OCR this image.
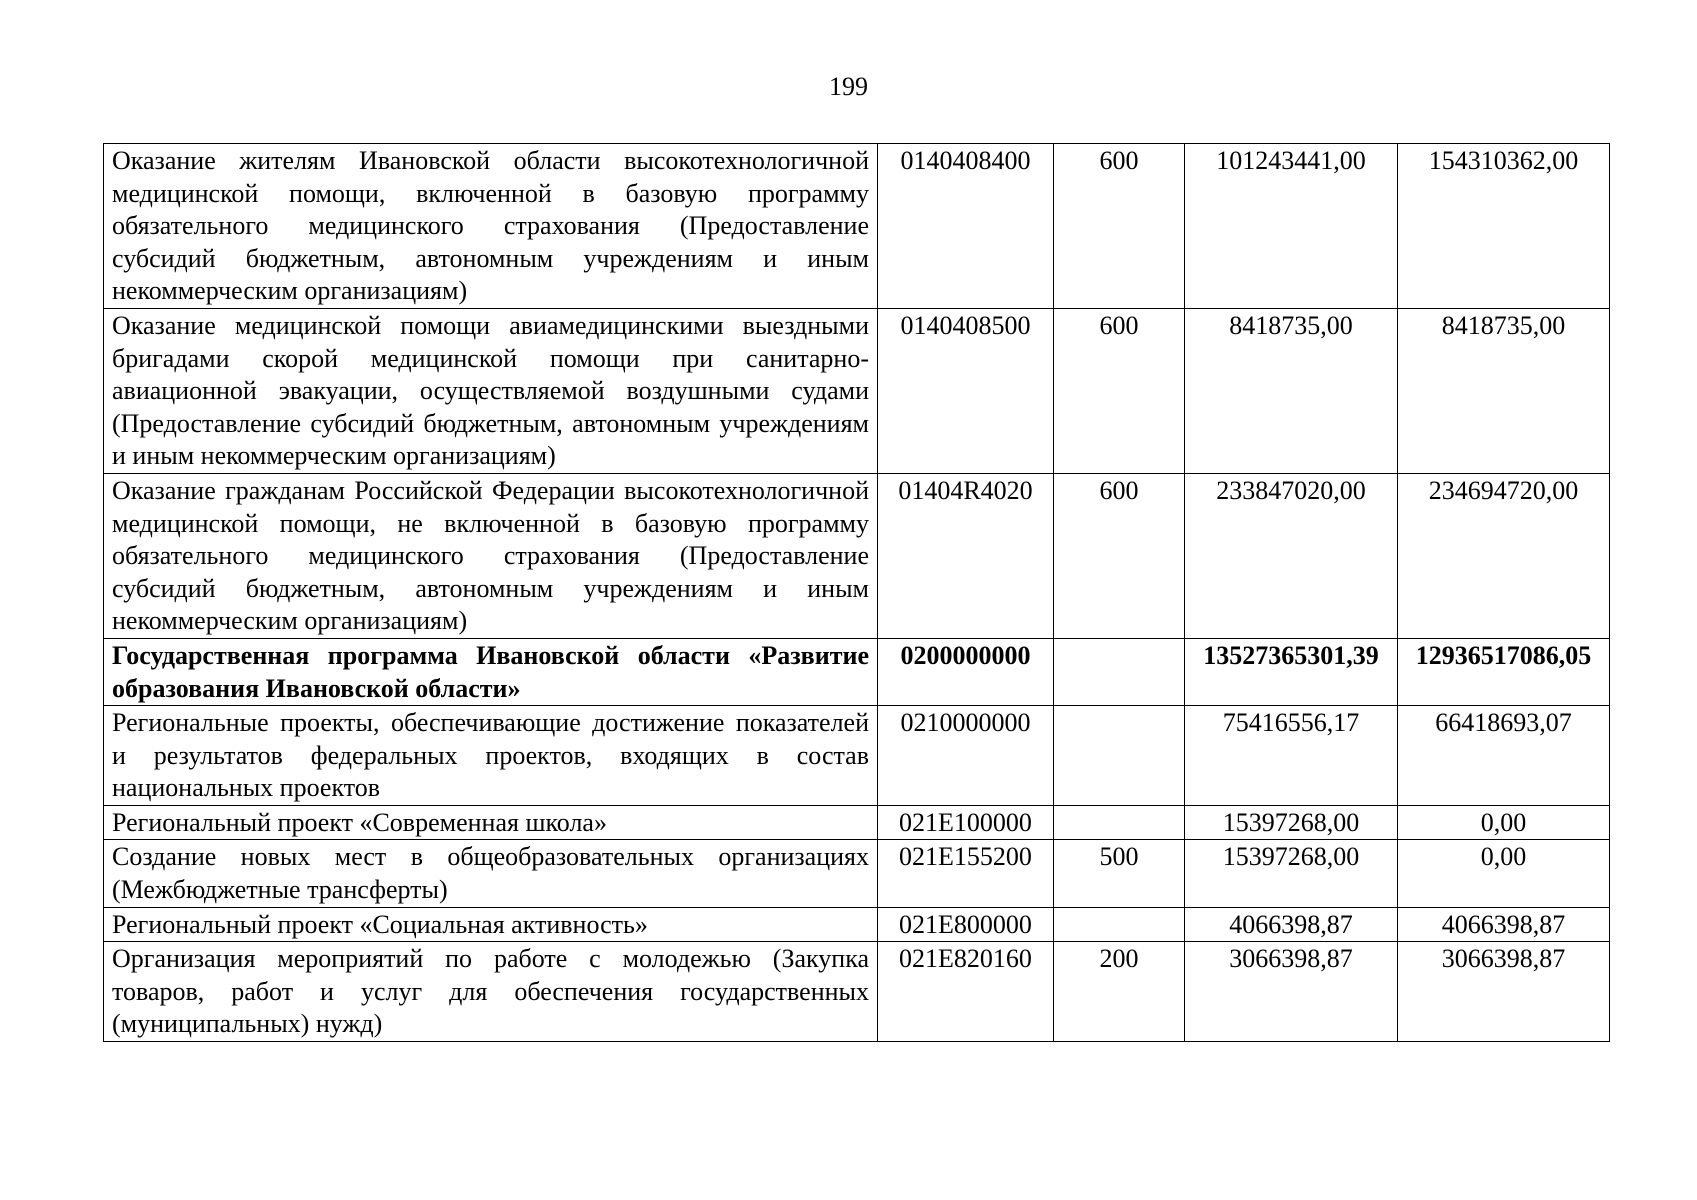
199
Оказание жителям Ивановской области высокотехнологичной медицинской помощи, включенной в базовую программу обязательного медицинского страхования (Предоставление субсидий бюджетным, автономным учреждениям и иным некоммерческим организациям)	0140408400	600	101243441,00	154310362,00
Оказание медицинской помощи авиамедицинскими выездными бригадами скорой медицинской помощи при санитарно-авиационной эвакуации, осуществляемой воздушными судами (Предоставление субсидий бюджетным, автономным учреждениям и иным некоммерческим организациям)	0140408500	600	8418735,00	8418735,00
Оказание гражданам Российской Федерации высокотехнологичной медицинской помощи, не включенной в базовую программу обязательного медицинского страхования (Предоставление субсидий бюджетным, автономным учреждениям и иным некоммерческим организациям)	01404R4020	600	233847020,00	234694720,00
Государственная программа Ивановской области «Развитие образования Ивановской области»	0200000000		13527365301,39	12936517086,05
Региональные проекты, обеспечивающие достижение показателей и результатов федеральных проектов, входящих в состав национальных проектов	0210000000		75416556,17	66418693,07
Региональный проект «Современная школа»	021E100000		15397268,00	0,00
Создание новых мест в общеобразовательных организациях (Межбюджетные трансферты)	021E155200	500	15397268,00	0,00
Региональный проект «Социальная активность»	021E800000		4066398,87	4066398,87
Организация мероприятий по работе с молодежью (Закупка товаров, работ и услуг для обеспечения государственных (муниципальных) нужд)	021E820160	200	3066398,87	3066398,87
